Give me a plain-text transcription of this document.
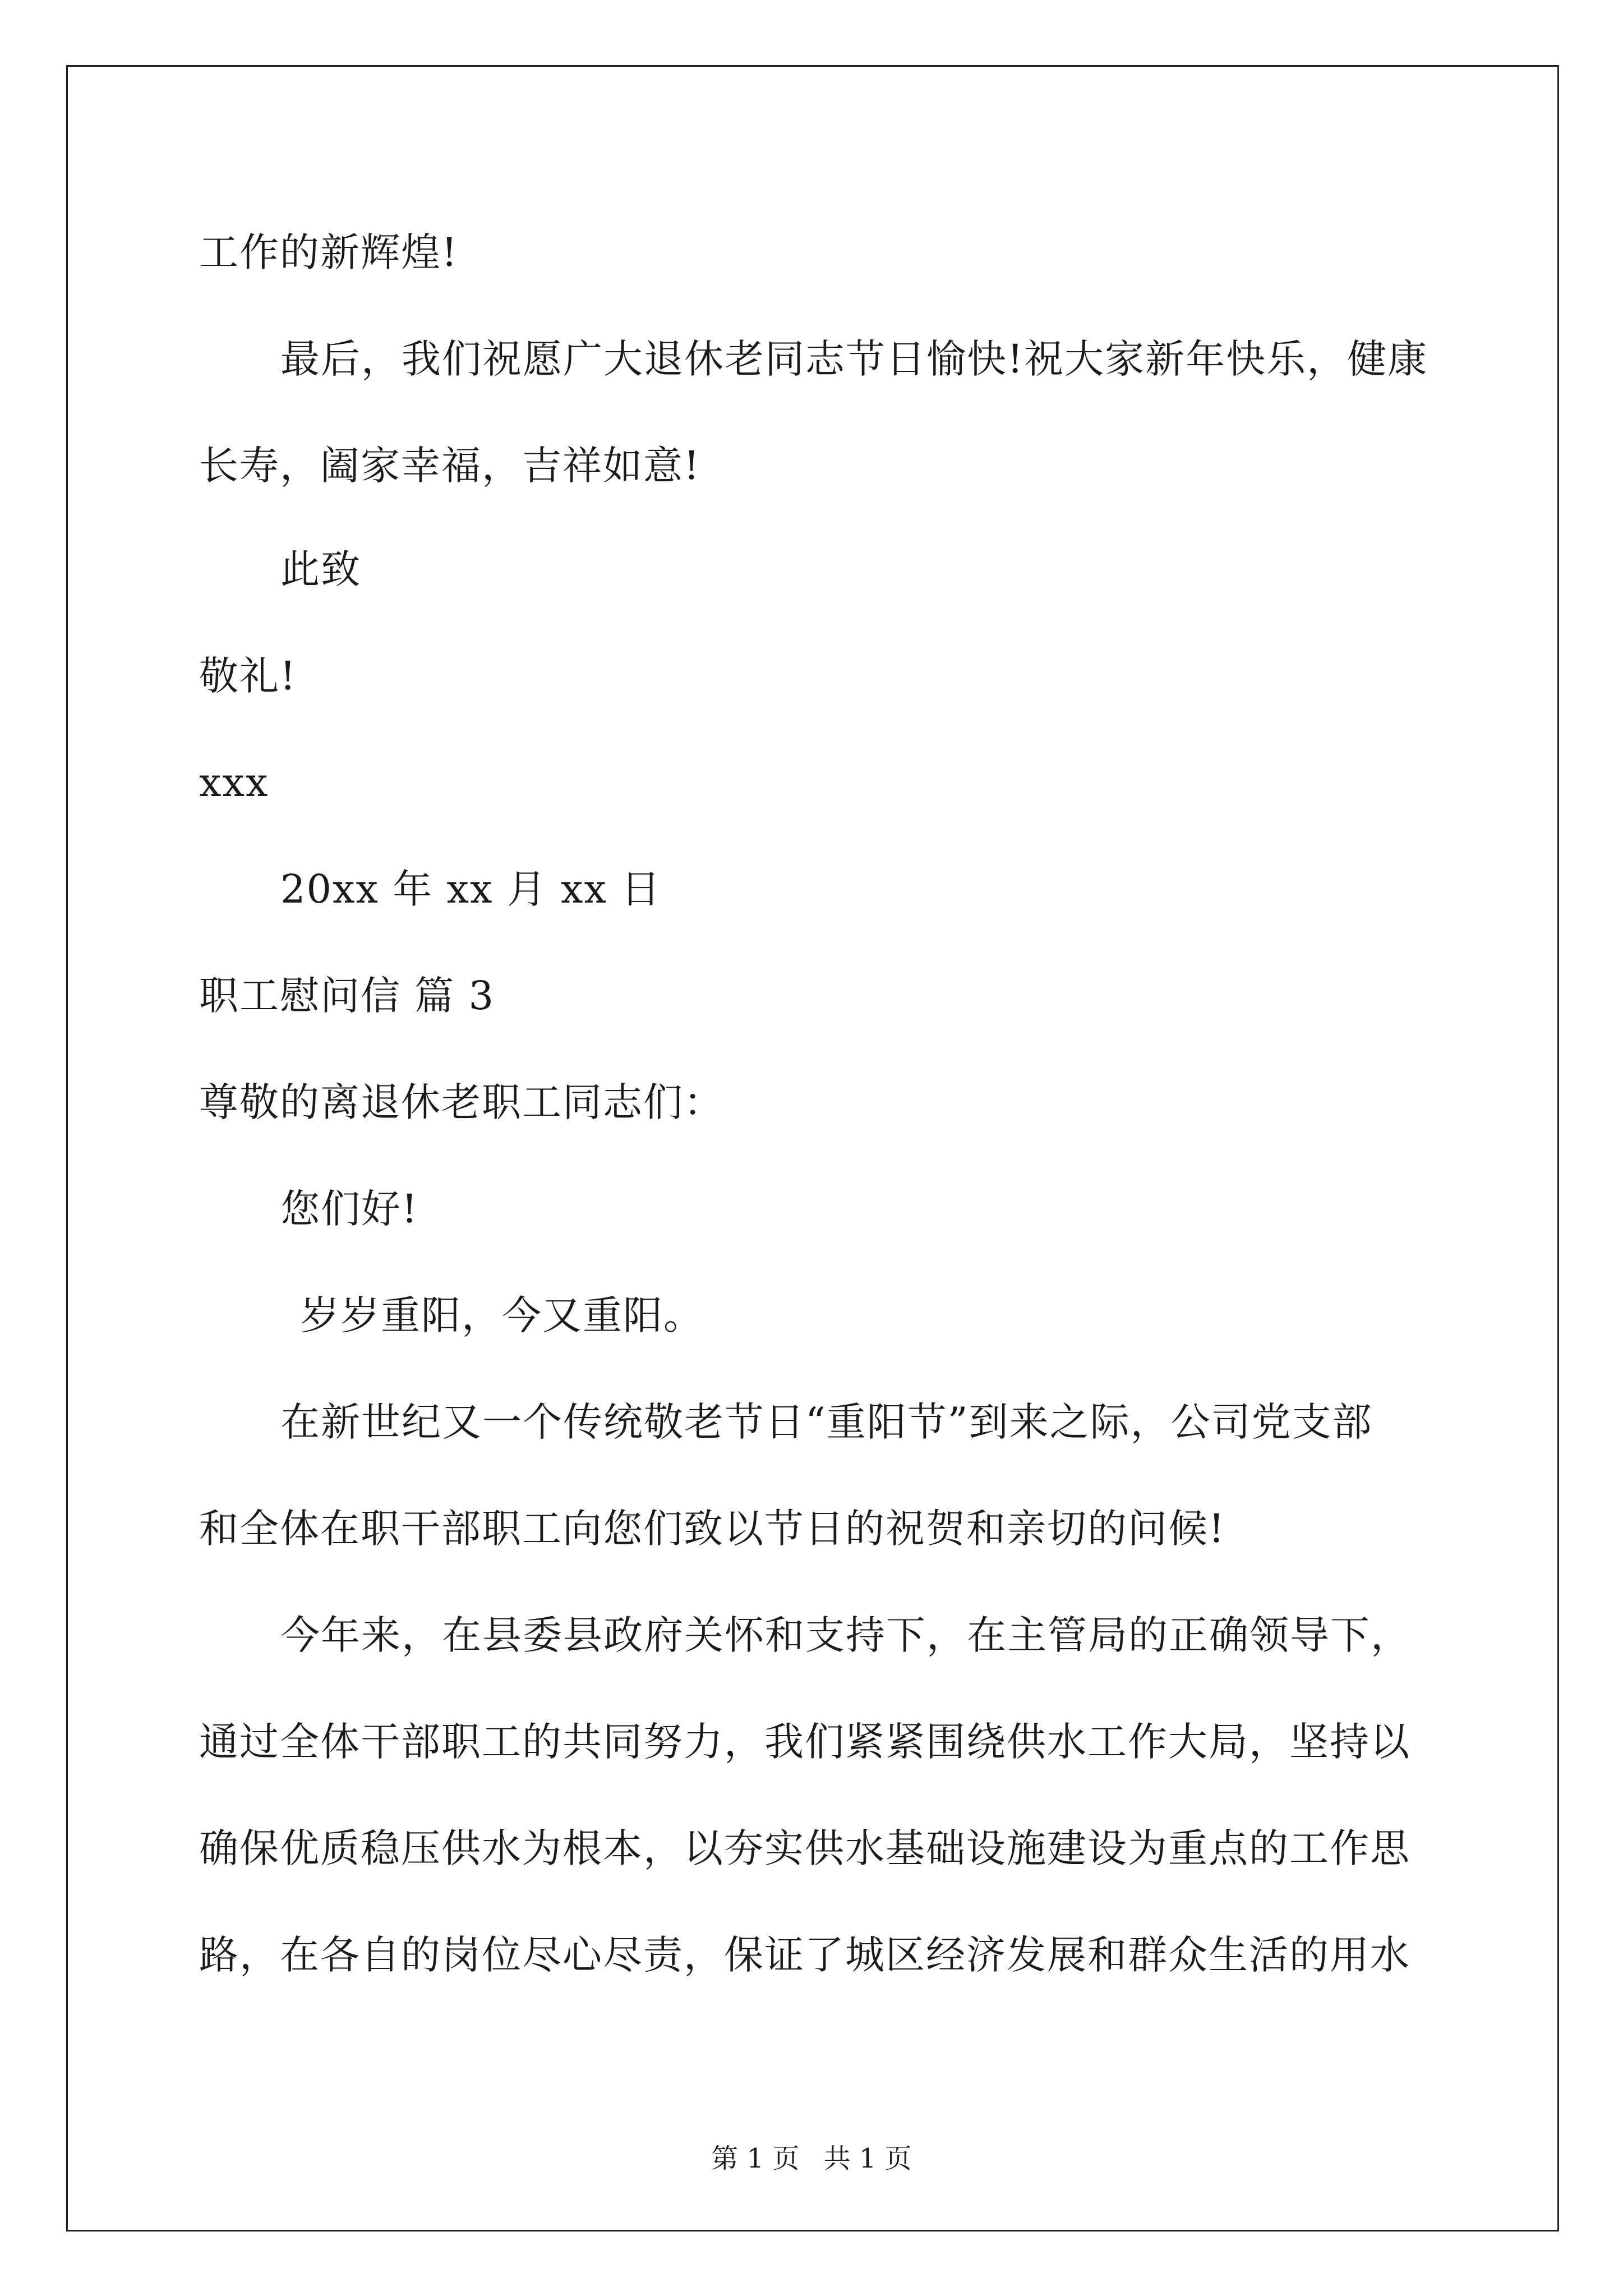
工作的新辉煌!
最后，我们祝愿广大退休老同志节日愉快!祝大家新年快乐，健康
长寿，阖家幸福，吉祥如意!
此致
敬礼!
xxx
20xx 年 xx 月 xx 日
职工慰问信 篇 3
尊敬的离退休老职工同志们：
您们好!
岁岁重阳，今又重阳。
在新世纪又一个传统敬老节日“重阳节”到来之际，公司党支部
和全体在职干部职工向您们致以节日的祝贺和亲切的问候!
今年来，在县委县政府关怀和支持下，在主管局的正确领导下，
通过全体干部职工的共同努力，我们紧紧围绕供水工作大局，坚持以
确保优质稳压供水为根本，以夯实供水基础设施建设为重点的工作思
路，在各自的岗位尽心尽责，保证了城区经济发展和群众生活的用水
第 1 页 共 1 页
